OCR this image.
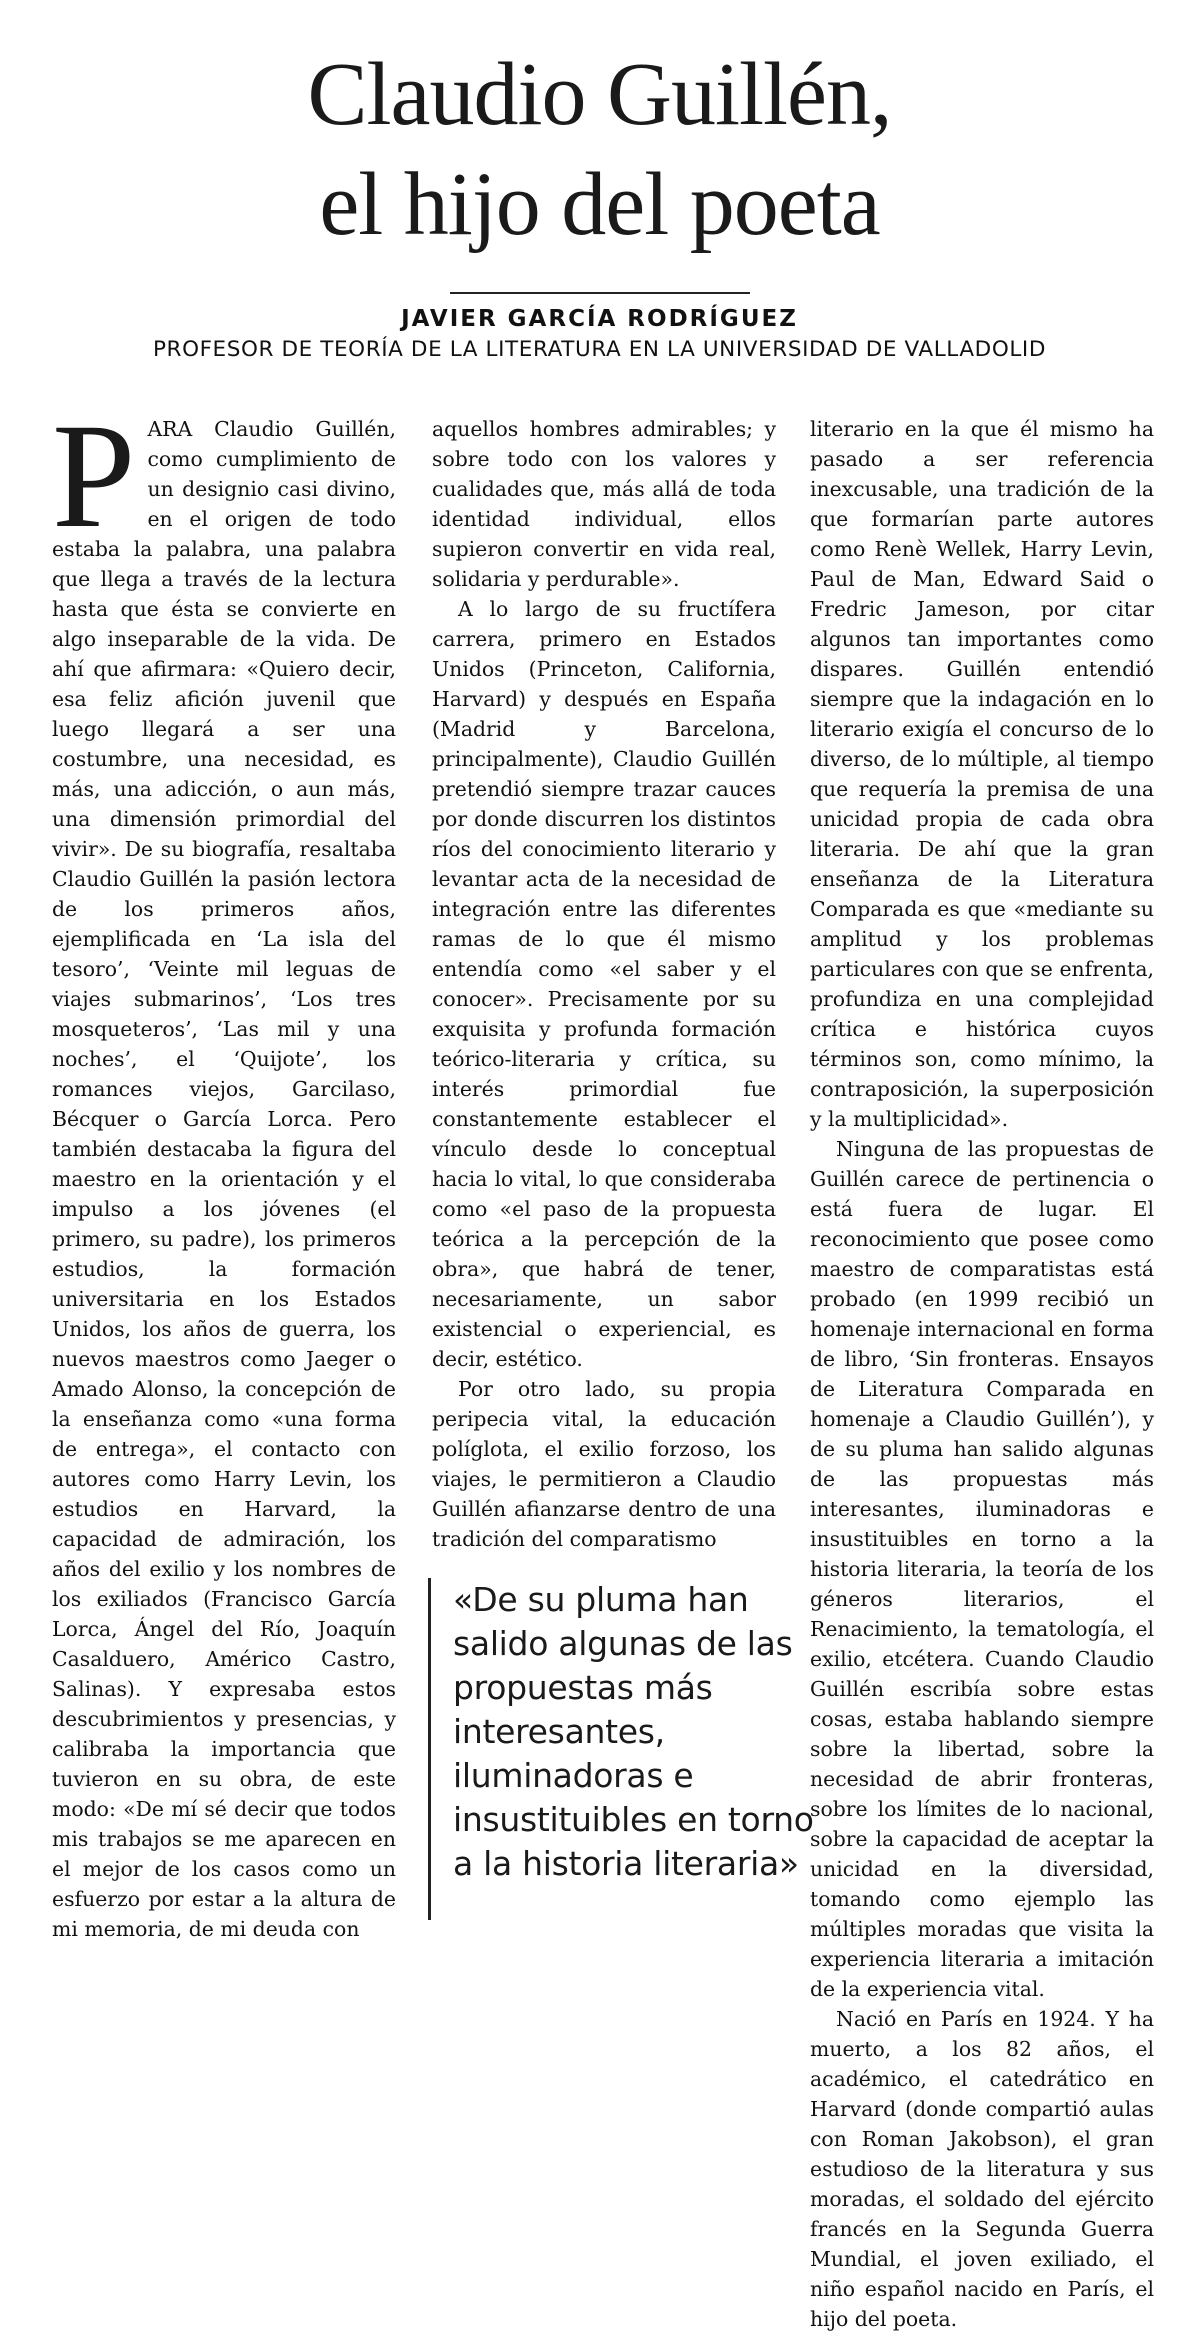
Claudio Guillén,
el hijo del poeta
JAVIER GARCÍA RODRÍGUEZ
PROFESOR DE TEORÍA DE LA LITERATURA EN LA UNIVERSIDAD DE VALLADOLID

PARA Claudio Guillén, como cumplimiento de un designio casi divino, en el origen de todo estaba la palabra, una palabra que llega a través de la lectura hasta que ésta se convierte en algo inseparable de la vida. De ahí que afirmara: «Quiero decir, esa feliz afición juvenil que luego llegará a ser una costumbre, una necesidad, es más, una adicción, o aun más, una dimensión primordial del vivir». De su biografía, resaltaba Claudio Guillén la pasión lectora de los primeros años, ejemplificada en ‘La isla del tesoro’, ‘Veinte mil leguas de viajes submarinos’, ‘Los tres mosqueteros’, ‘Las mil y una noches’, el ‘Quijote’, los romances viejos, Garcilaso, Bécquer o García Lorca. Pero también destacaba la figura del maestro en la orientación y el impulso a los jóvenes (el primero, su padre), los primeros estudios, la formación universitaria en los Estados Unidos, los años de guerra, los nuevos maestros como Jaeger o Amado Alonso, la concepción de la enseñanza como «una forma de entrega», el contacto con autores como Harry Levin, los estudios en Harvard, la capacidad de admiración, los años del exilio y los nombres de los exiliados (Francisco García Lorca, Ángel del Río, Joaquín Casalduero, Américo Castro, Salinas). Y expresaba estos descubrimientos y presencias, y calibraba la importancia que tuvieron en su obra, de este modo: «De mí sé decir que todos mis trabajos se me aparecen en el mejor de los casos como un esfuerzo por estar a la altura de mi memoria, de mi deuda con

aquellos hombres admirables; y sobre todo con los valores y cualidades que, más allá de toda identidad individual, ellos supieron convertir en vida real, solidaria y perdurable».

A lo largo de su fructífera carrera, primero en Estados Unidos (Princeton, California, Harvard) y después en España (Madrid y Barcelona, principalmente), Claudio Guillén pretendió siempre trazar cauces por donde discurren los distintos ríos del conocimiento literario y levantar acta de la necesidad de integración entre las diferentes ramas de lo que él mismo entendía como «el saber y el conocer». Precisamente por su exquisita y profunda formación teórico-literaria y crítica, su interés primordial fue constantemente establecer el vínculo desde lo conceptual hacia lo vital, lo que consideraba como «el paso de la propuesta teórica a la percepción de la obra», que habrá de tener, necesariamente, un sabor existencial o experiencial, es decir, estético.

Por otro lado, su propia peripecia vital, la educación políglota, el exilio forzoso, los viajes, le permitieron a Claudio Guillén afianzarse dentro de una tradición del comparatismo

literario en la que él mismo ha pasado a ser referencia inexcusable, una tradición de la que formarían parte autores como Renè Wellek, Harry Levin, Paul de Man, Edward Said o Fredric Jameson, por citar algunos tan importantes como dispares. Guillén entendió siempre que la indagación en lo literario exigía el concurso de lo diverso, de lo múltiple, al tiempo que requería la premisa de una unicidad propia de cada obra literaria. De ahí que la gran enseñanza de la Literatura Comparada es que «mediante su amplitud y los problemas particulares con que se enfrenta, profundiza en una complejidad crítica e histórica cuyos términos son, como mínimo, la contraposición, la superposición y la multiplicidad».

Ninguna de las propuestas de Guillén carece de pertinencia o está fuera de lugar. El reconocimiento que posee como maestro de comparatistas está probado (en 1999 recibió un homenaje internacional en forma de libro, ‘Sin fronteras. Ensayos de Literatura Comparada en homenaje a Claudio Guillén’), y de su pluma han salido algunas de las propuestas más interesantes, iluminadoras e insustituibles en torno a la historia literaria, la teoría de los géneros literarios, el Renacimiento, la tematología, el exilio, etcétera. Cuando Claudio Guillén escribía sobre estas cosas, estaba hablando siempre sobre la libertad, sobre la necesidad de abrir fronteras, sobre los límites de lo nacional, sobre la capacidad de aceptar la unicidad en la diversidad, tomando como ejemplo las múltiples moradas que visita la experiencia literaria a imitación de la experiencia vital.

Nació en París en 1924. Y ha muerto, a los 82 años, el académico, el catedrático en Harvard (donde compartió aulas con Roman Jakobson), el gran estudioso de la literatura y sus moradas, el soldado del ejército francés en la Segunda Guerra Mundial, el joven exiliado, el niño español nacido en París, el hijo del poeta.

«De su pluma han salido algunas de las propuestas más interesantes, iluminadoras e insustituibles en torno a la historia literaria»
